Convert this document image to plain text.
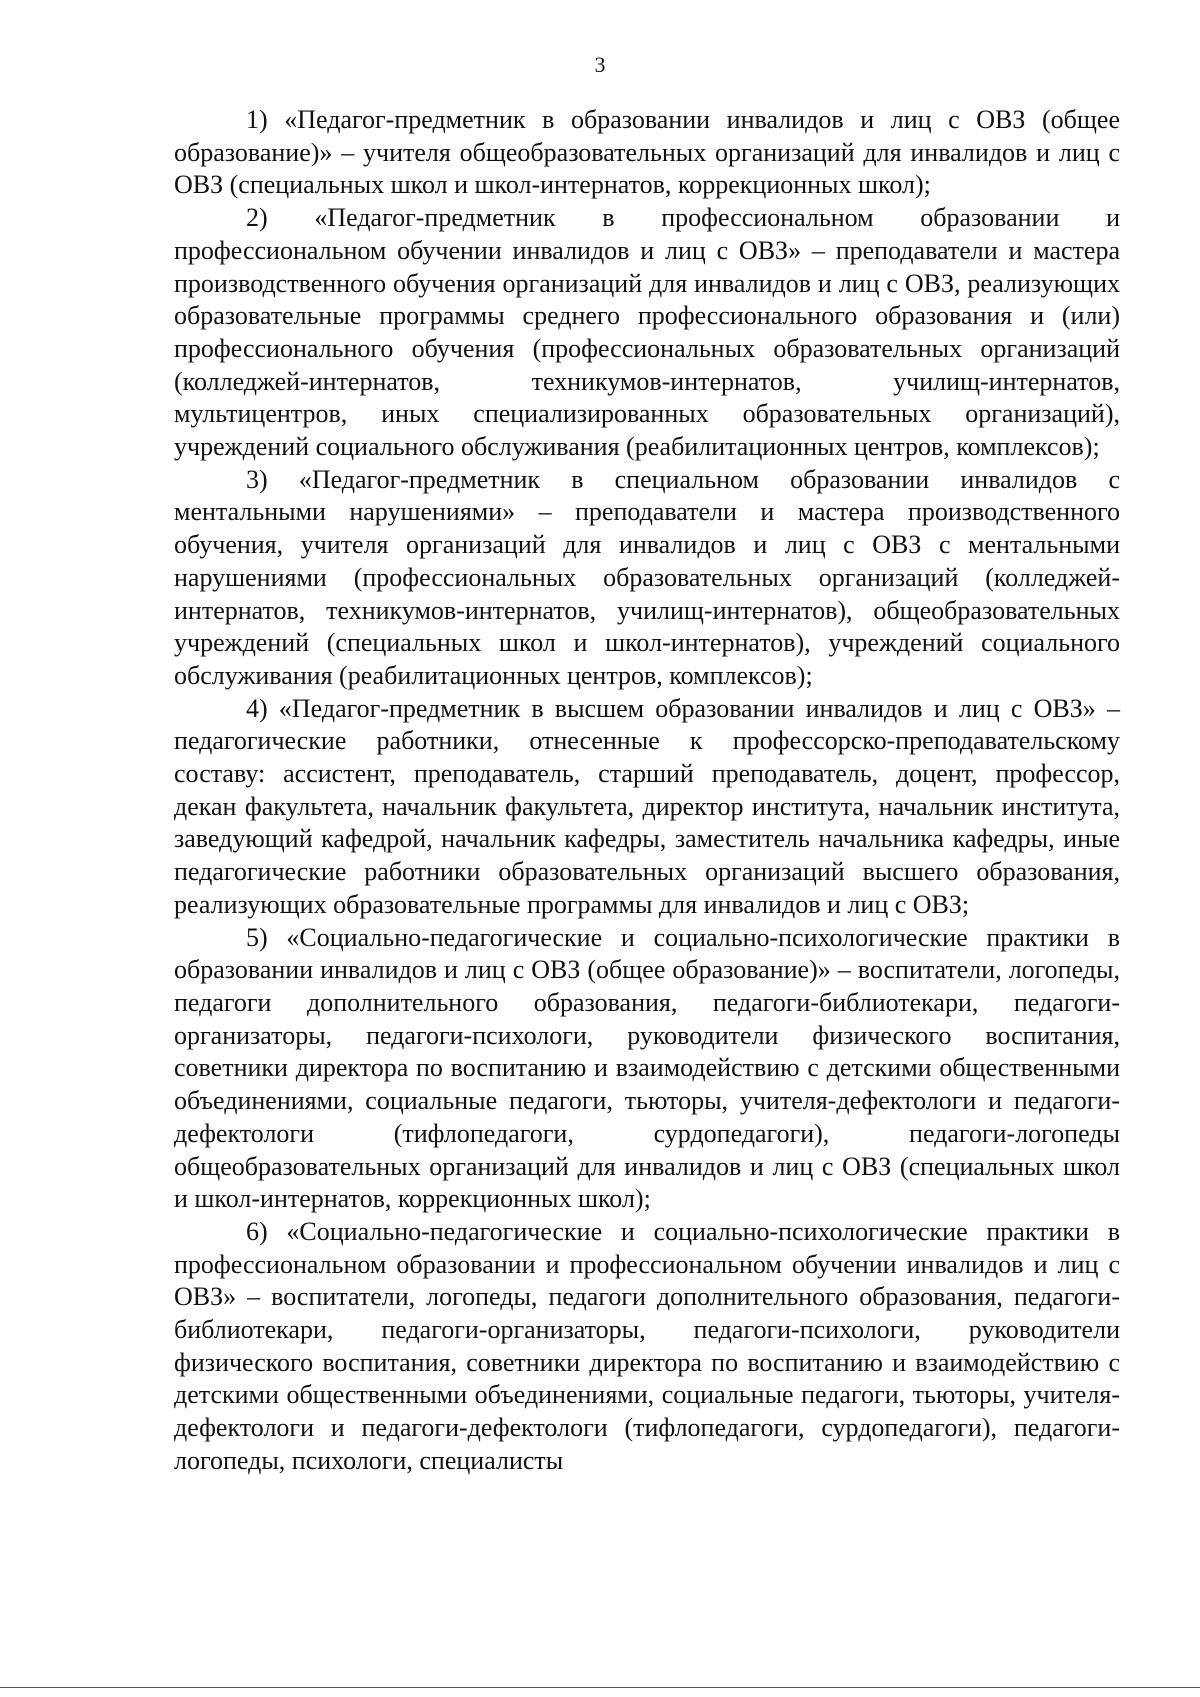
3

1) «Педагог-предметник в образовании инвалидов и лиц с ОВЗ (общее образование)» – учителя общеобразовательных организаций для инвалидов и лиц с ОВЗ (специальных школ и школ-интернатов, коррекционных школ);

2) «Педагог-предметник в профессиональном образовании и профессиональном обучении инвалидов и лиц с ОВЗ» – преподаватели и мастера производственного обучения организаций для инвалидов и лиц с ОВЗ, реализующих образовательные программы среднего профессионального образования и (или) профессионального обучения (профессиональных образовательных организаций (колледжей-интернатов, техникумов-интернатов, училищ-интернатов, мультицентров, иных специализированных образовательных организаций), учреждений социального обслуживания (реабилитационных центров, комплексов);

3) «Педагог-предметник в специальном образовании инвалидов с ментальными нарушениями» – преподаватели и мастера производственного обучения, учителя организаций для инвалидов и лиц с ОВЗ с ментальными нарушениями (профессиональных образовательных организаций (колледжей-интернатов, техникумов-интернатов, училищ-интернатов), общеобразовательных учреждений (специальных школ и школ-интернатов), учреждений социального обслуживания (реабилитационных центров, комплексов);

4) «Педагог-предметник в высшем образовании инвалидов и лиц с ОВЗ» – педагогические работники, отнесенные к профессорско-преподавательскому составу: ассистент, преподаватель, старший преподаватель, доцент, профессор, декан факультета, начальник факультета, директор института, начальник института, заведующий кафедрой, начальник кафедры, заместитель начальника кафедры, иные педагогические работники образовательных организаций высшего образования, реализующих образовательные программы для инвалидов и лиц с ОВЗ;

5) «Социально-педагогические и социально-психологические практики в образовании инвалидов и лиц с ОВЗ (общее образование)» – воспитатели, логопеды, педагоги дополнительного образования, педагоги-библиотекари, педагоги-организаторы, педагоги-психологи, руководители физического воспитания, советники директора по воспитанию и взаимодействию с детскими общественными объединениями, социальные педагоги, тьюторы, учителя-дефектологи и педагоги-дефектологи (тифлопедагоги, сурдопедагоги), педагоги-логопеды общеобразовательных организаций для инвалидов и лиц с ОВЗ (специальных школ и школ-интернатов, коррекционных школ);

6) «Социально-педагогические и социально-психологические практики в профессиональном образовании и профессиональном обучении инвалидов и лиц с ОВЗ» – воспитатели, логопеды, педагоги дополнительного образования, педагоги-библиотекари, педагоги-организаторы, педагоги-психологи, руководители физического воспитания, советники директора по воспитанию и взаимодействию с детскими общественными объединениями, социальные педагоги, тьюторы, учителя-дефектологи и педагоги-дефектологи (тифлопедагоги, сурдопедагоги), педагоги-логопеды, психологи, специалисты
